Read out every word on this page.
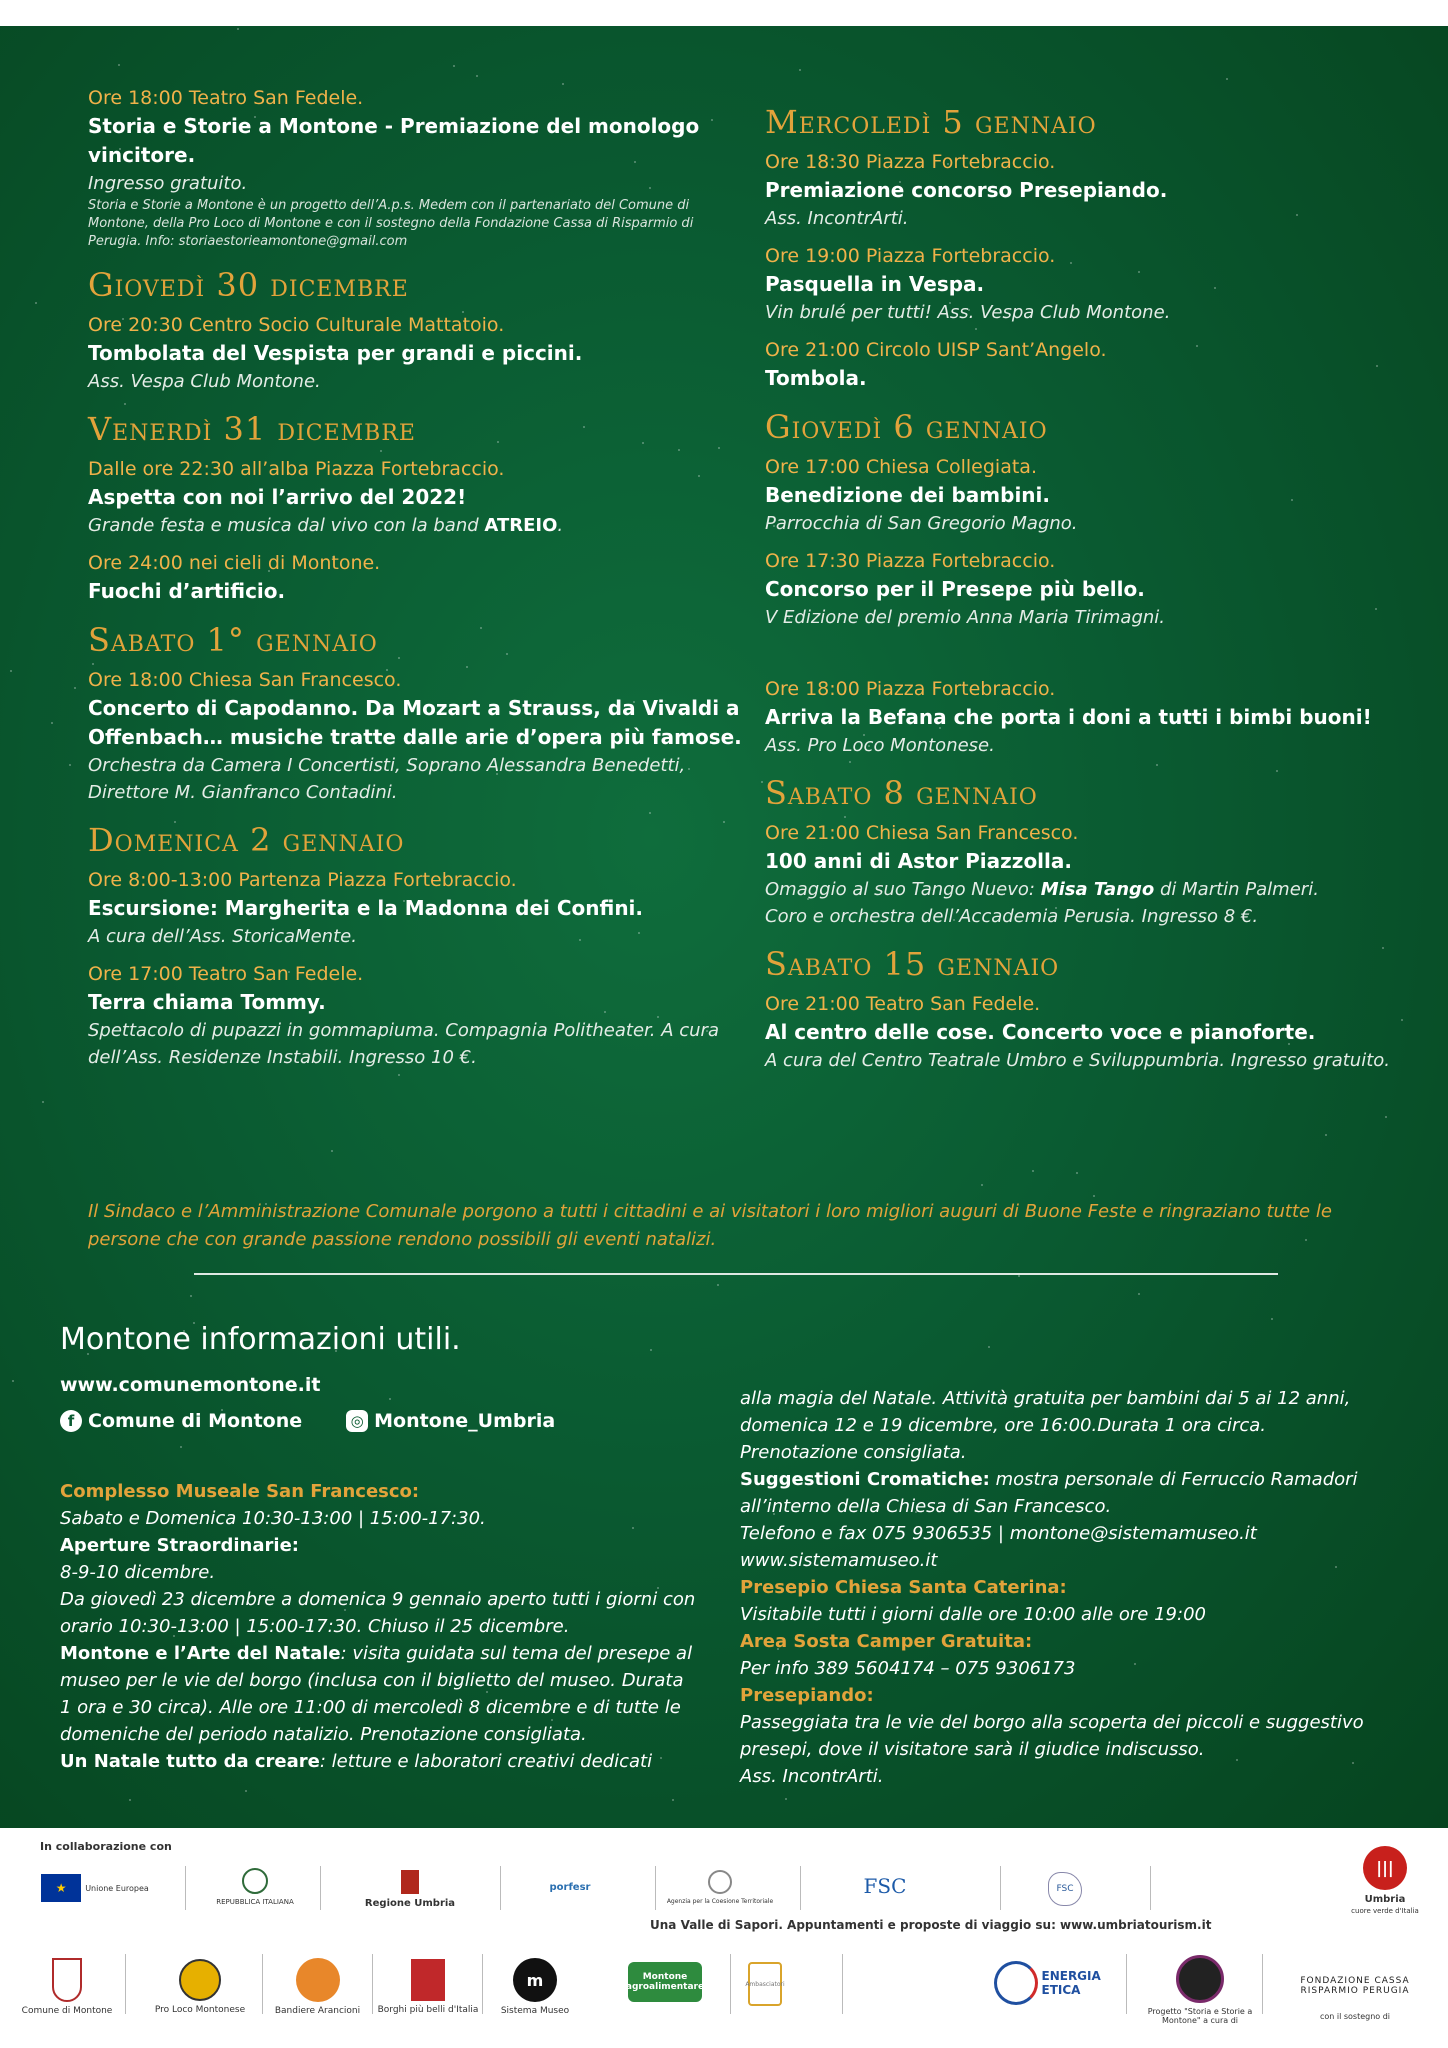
Ore 18:00 Teatro San Fedele.
Storia e Storie a Montone - Premiazione del monologo vincitore.
Ingresso gratuito.
Storia e Storie a Montone è un progetto dell’A.p.s. Medem con il partenariato del Comune di Montone, della Pro Loco di Montone e con il sostegno della Fondazione Cassa di Risparmio di Perugia. Info: storiaestorieamontone@gmail.com
Giovedì 30 dicembre
Ore 20:30 Centro Socio Culturale Mattatoio.
Tombolata del Vespista per grandi e piccini.
Ass. Vespa Club Montone.
Venerdì 31 dicembre
Dalle ore 22:30 all’alba Piazza Fortebraccio.
Aspetta con noi l’arrivo del 2022!
Grande festa e musica dal vivo con la band ATREIO.
Ore 24:00 nei cieli di Montone.
Fuochi d’artificio.
Sabato 1° gennaio
Ore 18:00 Chiesa San Francesco.
Concerto di Capodanno. Da Mozart a Strauss, da Vivaldi a Offenbach… musiche tratte dalle arie d’opera più famose.
Orchestra da Camera I Concertisti, Soprano Alessandra Benedetti, Direttore M. Gianfranco Contadini.
Domenica 2 gennaio
Ore 8:00-13:00 Partenza Piazza Fortebraccio.
Escursione: Margherita e la Madonna dei Confini.
A cura dell’Ass. StoricaMente.
Ore 17:00 Teatro San Fedele.
Terra chiama Tommy.
Spettacolo di pupazzi in gommapiuma. Compagnia Politheater. A cura dell’Ass. Residenze Instabili. Ingresso 10 €.
Mercoledì 5 gennaio
Ore 18:30 Piazza Fortebraccio.
Premiazione concorso Presepiando.
Ass. IncontrArti.
Ore 19:00 Piazza Fortebraccio.
Pasquella in Vespa.
Vin brulé per tutti! Ass. Vespa Club Montone.
Ore 21:00 Circolo UISP Sant’Angelo.
Tombola.
Giovedì 6 gennaio
Ore 17:00 Chiesa Collegiata.
Benedizione dei bambini.
Parrocchia di San Gregorio Magno.
Ore 17:30 Piazza Fortebraccio.
Concorso per il Presepe più bello.
V Edizione del premio Anna Maria Tirimagni.
Ore 18:00 Piazza Fortebraccio.
Arriva la Befana che porta i doni a tutti i bimbi buoni!
Ass. Pro Loco Montonese.
Sabato 8 gennaio
Ore 21:00 Chiesa San Francesco.
100 anni di Astor Piazzolla.
Omaggio al suo Tango Nuevo: Misa Tango di Martin Palmeri.
Coro e orchestra dell’Accademia Perusia. Ingresso 8 €.
Sabato 15 gennaio
Ore 21:00 Teatro San Fedele.
Al centro delle cose. Concerto voce e pianoforte.
A cura del Centro Teatrale Umbro e Sviluppumbria. Ingresso gratuito.
Il Sindaco e l’Amministrazione Comunale porgono a tutti i cittadini e ai visitatori i loro migliori auguri di Buone Feste e ringraziano tutte le persone che con grande passione rendono possibili gli eventi natalizi.
Montone informazioni utili.
www.comunemontone.it
f Comune di Montone	◎ Montone_Umbria
Complesso Museale San Francesco:
Sabato e Domenica 10:30-13:00 | 15:00-17:30.
Aperture Straordinarie:
8-9-10 dicembre.
Da giovedì 23 dicembre a domenica 9 gennaio aperto tutti i giorni con orario 10:30-13:00 | 15:00-17:30. Chiuso il 25 dicembre.
Montone e l’Arte del Natale: visita guidata sul tema del presepe al museo per le vie del borgo (inclusa con il biglietto del museo. Durata 1 ora e 30 circa). Alle ore 11:00 di mercoledì 8 dicembre e di tutte le domeniche del periodo natalizio. Prenotazione consigliata.
Un Natale tutto da creare: letture e laboratori creativi dedicati
alla magia del Natale. Attività gratuita per bambini dai 5 ai 12 anni, domenica 12 e 19 dicembre, ore 16:00.Durata 1 ora circa. Prenotazione consigliata.
Suggestioni Cromatiche: mostra personale di Ferruccio Ramadori all’interno della Chiesa di San Francesco.
Telefono e fax 075 9306535 | montone@sistemamuseo.it
www.sistemamuseo.it
Presepio Chiesa Santa Caterina:
Visitabile tutti i giorni dalle ore 10:00 alle ore 19:00
Area Sosta Camper Gratuita:
Per info 389 5604174 – 075 9306173
Presepiando:
Passeggiata tra le vie del borgo alla scoperta dei piccoli e suggestivo presepi, dove il visitatore sarà il giudice indiscusso.
Ass. IncontrArti.
In collaborazione con
★	Unione Europea
REPUBBLICA ITALIANA	Regione Umbria
porfesr
Agenzia per la Coesione Territoriale
FSC	FSC
|||
Umbria
cuore verde d'Italia
Una Valle di Sapori. Appuntamenti e proposte di viaggio su: www.umbriatourism.it
Comune di Montone	Pro Loco Montonese	Bandiere Arancioni Borghi più belli d'Italia
m
Sistema Museo
Montone agroalimentare	Ambasciatori
ENERGIA ETICA
Progetto "Storia e Storie a Montone" a cura di
FONDAZIONE CASSA RISPARMIO PERUGIA
con il sostegno di
